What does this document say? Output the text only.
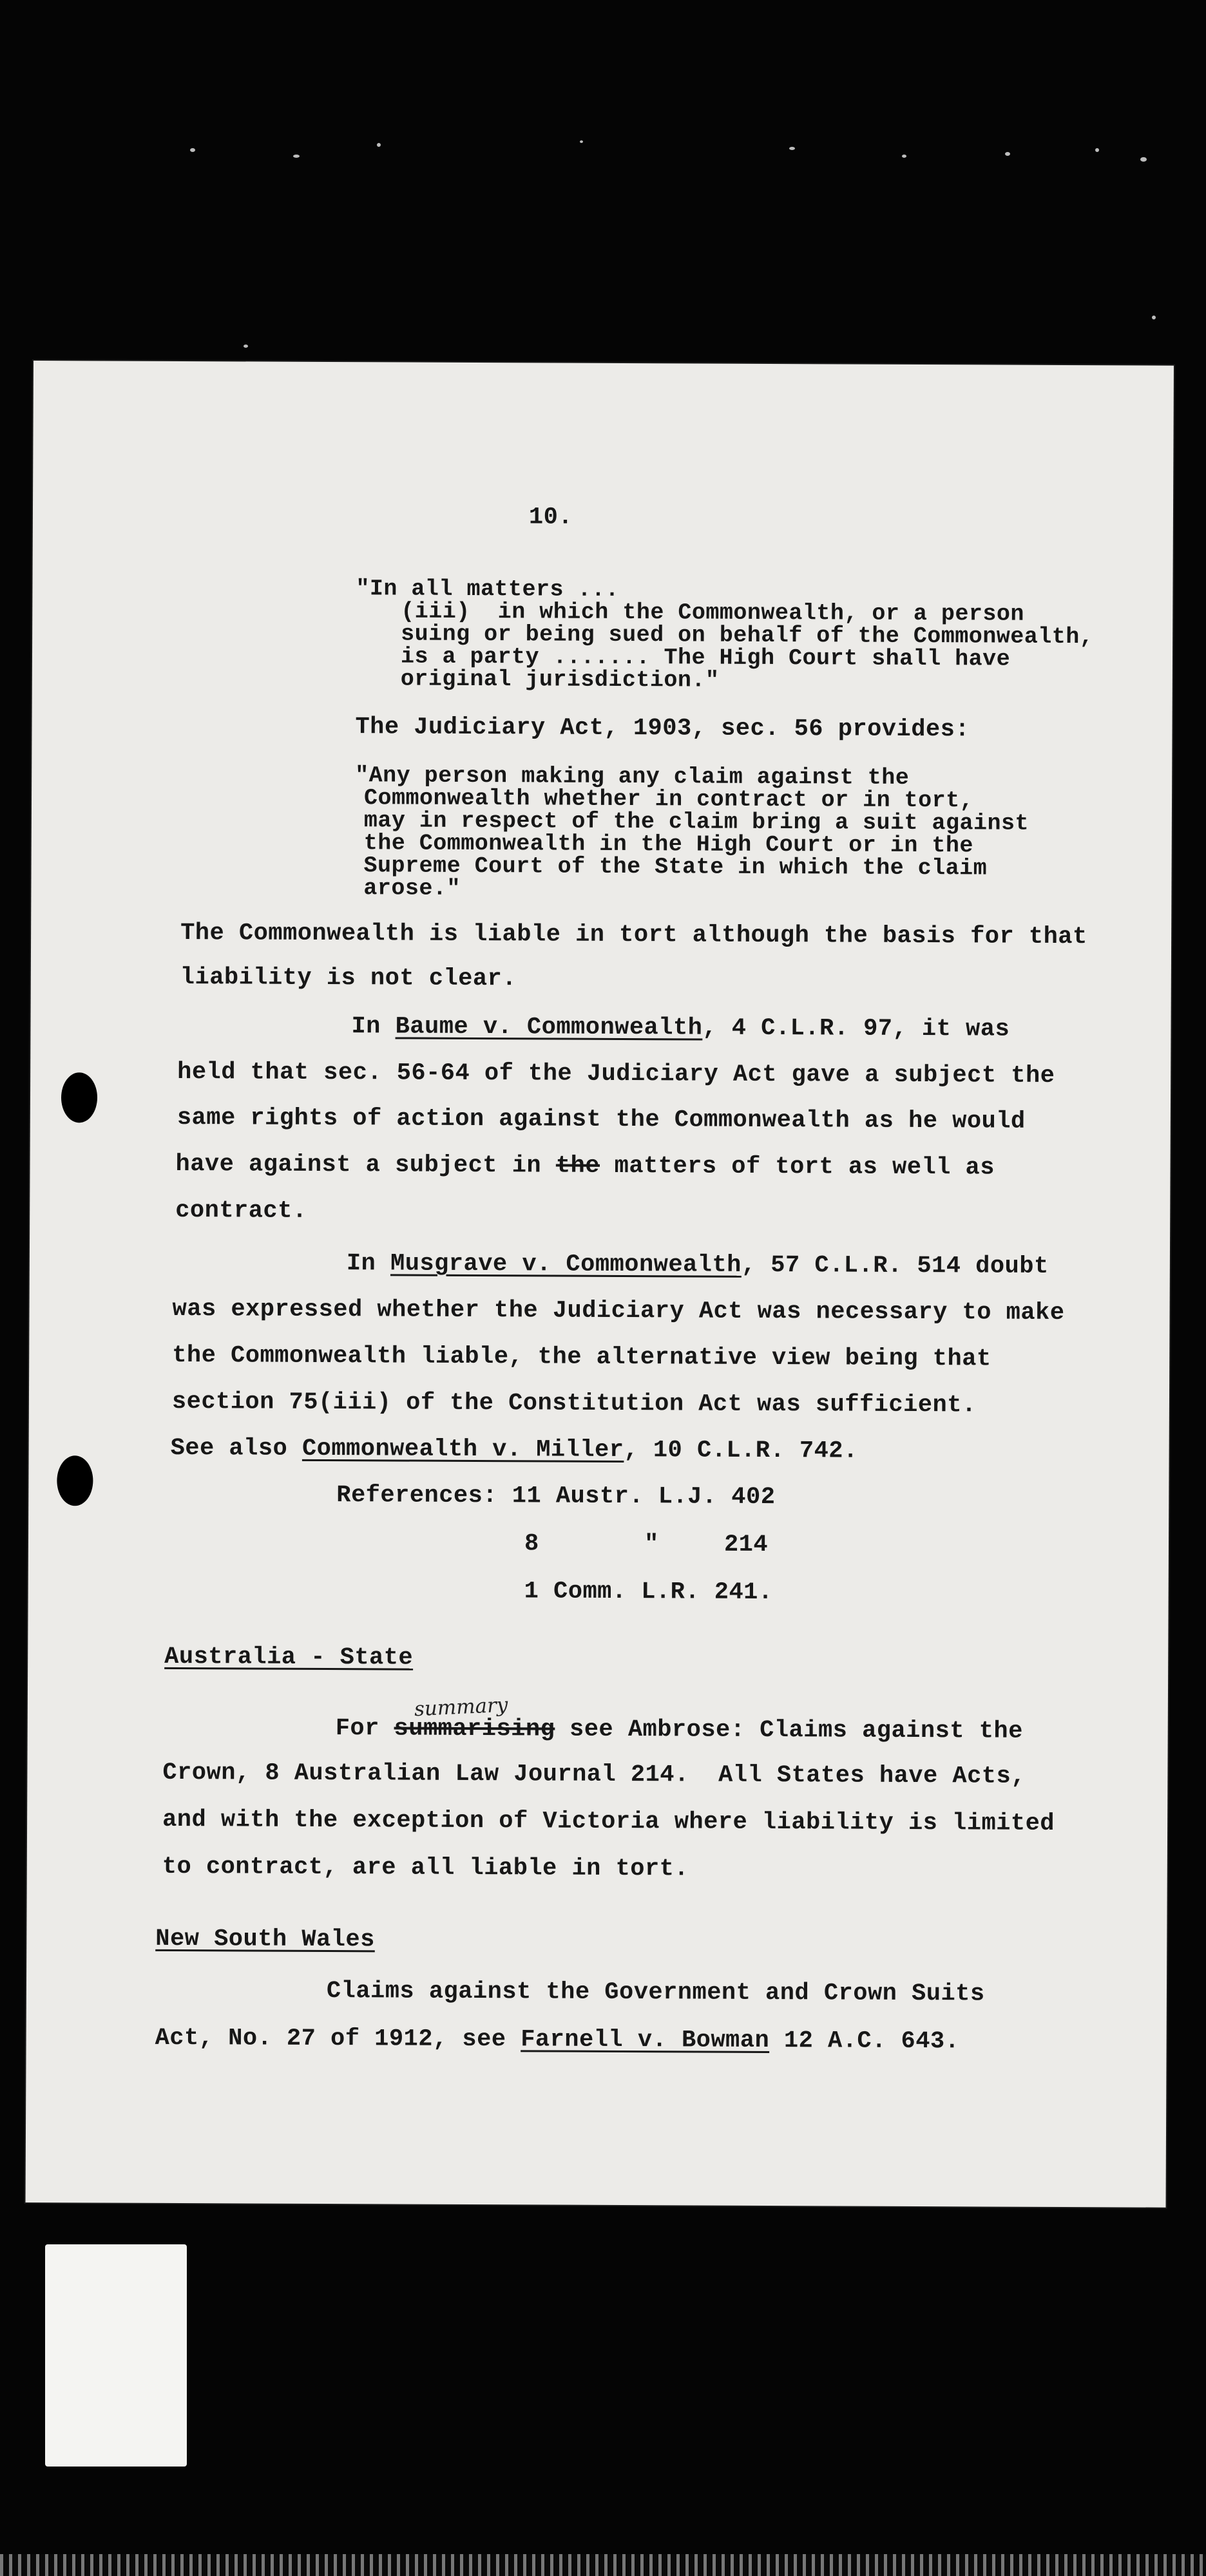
10.
"In all matters ...
(iii)  in which the Commonwealth, or a person
suing or being sued on behalf of the Commonwealth,
is a party ....... The High Court shall have
original jurisdiction."
The Judiciary Act, 1903, sec. 56 provides:
"Any person making any claim against the
Commonwealth whether in contract or in tort,
may in respect of the claim bring a suit against
the Commonwealth in the High Court or in the
Supreme Court of the State in which the claim
arose."
The Commonwealth is liable in tort although the basis for that
liability is not clear.
In Baume v. Commonwealth, 4 C.L.R. 97, it was
held that sec. 56-64 of the Judiciary Act gave a subject the
same rights of action against the Commonwealth as he would
have against a subject in the matters of tort as well as
contract.
In Musgrave v. Commonwealth, 57 C.L.R. 514 doubt
was expressed whether the Judiciary Act was necessary to make
the Commonwealth liable, the alternative view being that
section 75(iii) of the Constitution Act was sufficient.
See also Commonwealth v. Miller, 10 C.L.R. 742.
References: 11 Austr. L.J. 402
8	"	214
1 Comm. L.R. 241.
Australia - State
summary
For summarising see Ambrose: Claims against the
Crown, 8 Australian Law Journal 214.  All States have Acts,
and with the exception of Victoria where liability is limited
to contract, are all liable in tort.
New South Wales
Claims against the Government and Crown Suits
Act, No. 27 of 1912, see Farnell v. Bowman 12 A.C. 643.
